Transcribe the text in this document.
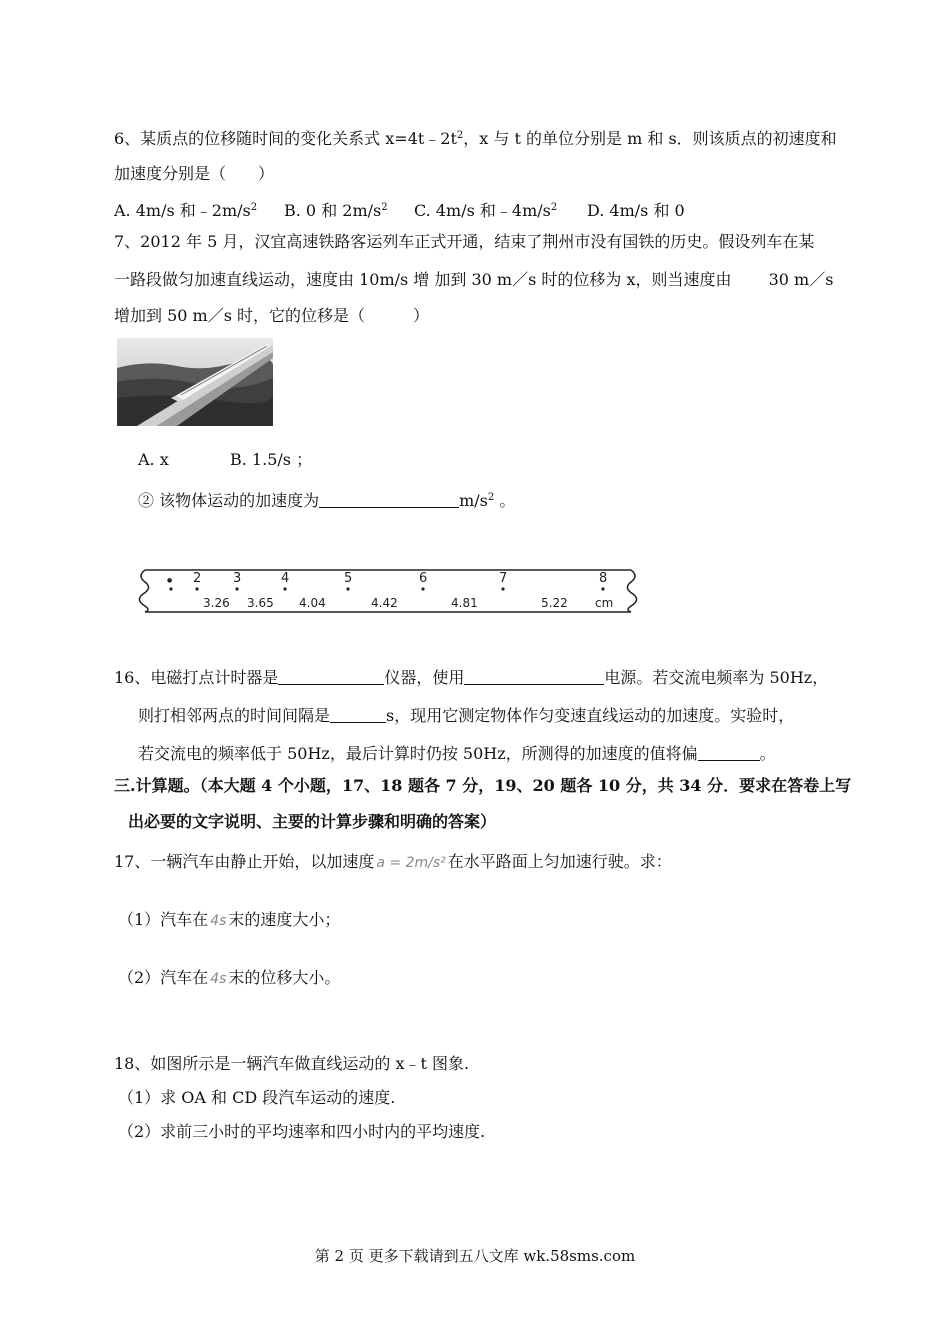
6、某质点的位移随时间的变化关系式 $x=4t﹣2t^2$，x 与 t 的单位分别是 m 和 s．则该质点的初速度和
加速度分别是（　　）
A. 4m/s 和﹣2m/s2 B. 0 和 2m/s2 C. 4m/s 和﹣4m/s2 D. 4m/s 和 0
7、2012 年 5 月，汉宜高速铁路客运列车正式开通，结束了荆州市没有国铁的历史。假设列车在某
一路段做匀加速直线运动，速度由 10m/s 增 加到 30 m／s 时的位移为 x，则当速度由　　 30 m／s
增加到 50 m／s 时，它的位移是（　　　）
A. x	B. 1.5/s ；
② 该物体运动的加速度为	$m/s^2$ 。
● 2 3	4	5	6	7	8
3.26 3.65 4.04	4.42	4.81	5.22 cm
16、电磁打点计时器是	仪器，使用	电源。若交流电频率为 50Hz，
则打相邻两点的时间间隔是	s，现用它测定物体作匀变速直线运动的加速度。实验时，
若交流电的频率低于 50Hz，最后计算时仍按 50Hz，所测得的加速度的值将偏	。
三.计算题。（本大题 4 个小题，17、18 题各 7 分，19、20 题各 10 分，共 34 分．要求在答卷上写
出必要的文字说明、主要的计算步骤和明确的答案）
17、一辆汽车由静止开始，以加速度 a = 2m/s² 在水平路面上匀加速行驶。求：
（1）汽车在 4s 末的速度大小；
（2）汽车在 4s 末的位移大小。
18、如图所示是一辆汽车做直线运动的 x﹣t 图象.
（1）求 OA 和 CD 段汽车运动的速度.
（2）求前三小时的平均速率和四小时内的平均速度.
第 2 页 更多下载请到五八文库 wk.58sms.com
